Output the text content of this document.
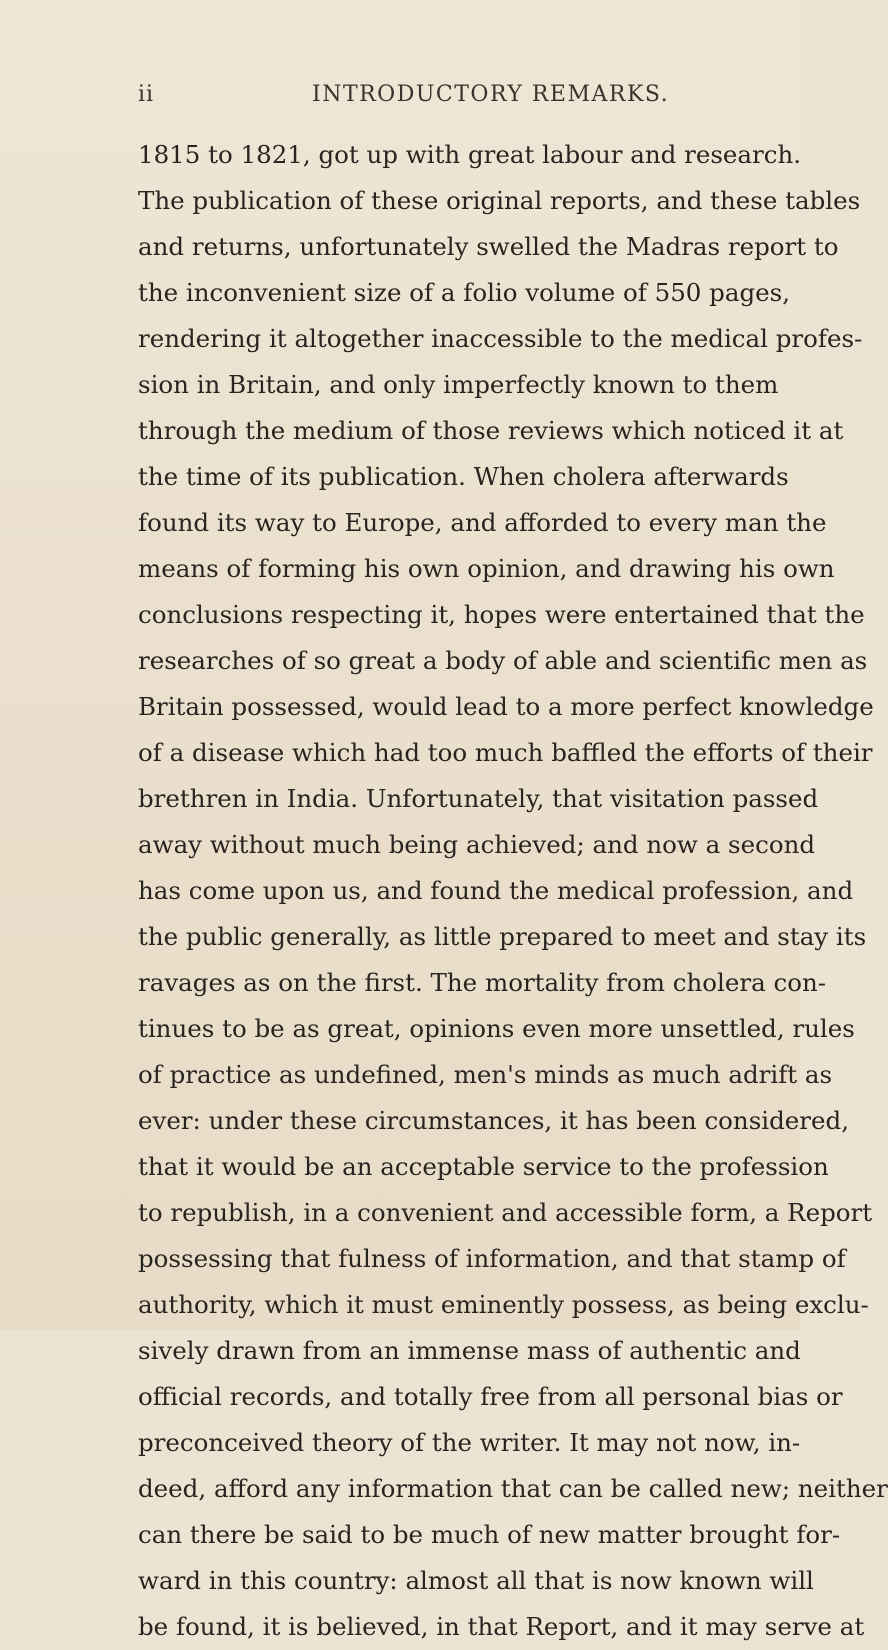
ii	INTRODUCTORY REMARKS.
1815 to 1821, got up with great labour and research.
The publication of these original reports, and these tables
and returns, unfortunately swelled the Madras report to
the inconvenient size of a folio volume of 550 pages,
rendering it altogether inaccessible to the medical profes-
sion in Britain, and only imperfectly known to them
through the medium of those reviews which noticed it at
the time of its publication. When cholera afterwards
found its way to Europe, and afforded to every man the
means of forming his own opinion, and drawing his own
conclusions respecting it, hopes were entertained that the
researches of so great a body of able and scientific men as
Britain possessed, would lead to a more perfect knowledge
of a disease which had too much baffled the efforts of their
brethren in India. Unfortunately, that visitation passed
away without much being achieved; and now a second
has come upon us, and found the medical profession, and
the public generally, as little prepared to meet and stay its
ravages as on the first. The mortality from cholera con-
tinues to be as great, opinions even more unsettled, rules
of practice as undefined, men's minds as much adrift as
ever: under these circumstances, it has been considered,
that it would be an acceptable service to the profession
to republish, in a convenient and accessible form, a Report
possessing that fulness of information, and that stamp of
authority, which it must eminently possess, as being exclu-
sively drawn from an immense mass of authentic and
official records, and totally free from all personal bias or
preconceived theory of the writer. It may not now, in-
deed, afford any information that can be called new; neither
can there be said to be much of new matter brought for-
ward in this country: almost all that is now known will
be found, it is believed, in that Report, and it may serve at
